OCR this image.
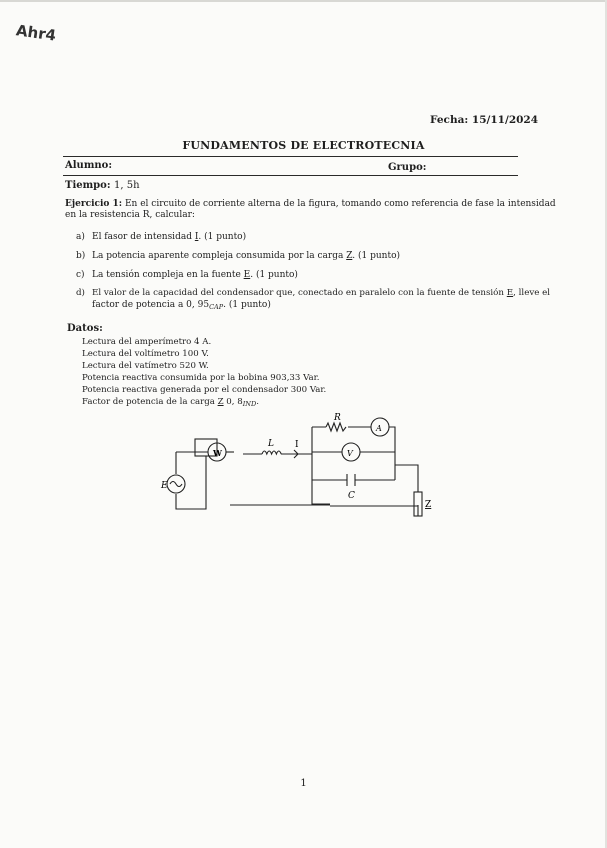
Ahr4
Fecha: 15/11/2024
FUNDAMENTOS DE ELECTROTECNIA
Alumno:	Grupo:
Tiempo: 1, 5h
Ejercicio 1: En el circuito de corriente alterna de la figura, tomando como referencia de fase la intensidad
en la resistencia R, calcular:
a) El fasor de intensidad I. (1 punto)
b) La potencia aparente compleja consumida por la carga Z. (1 punto)
c) La tensión compleja en la fuente E. (1 punto)
d) El valor de la capacidad del condensador que, conectado en paralelo con la fuente de tensión E, lleve el
factor de potencia a 0, $95_{CAP}$. (1 punto)
Datos:
Lectura del amperímetro 4 A.
Lectura del voltímetro 100 V.
Lectura del vatímetro 520 W.
Potencia reactiva consumida por la bobina 903,33 Var.
Potencia reactiva generada por el condensador 300 Var.
Factor de potencia de la carga Z 0, $8_{IND}$.
E
W
L I
R
A
V
C
Z
1
